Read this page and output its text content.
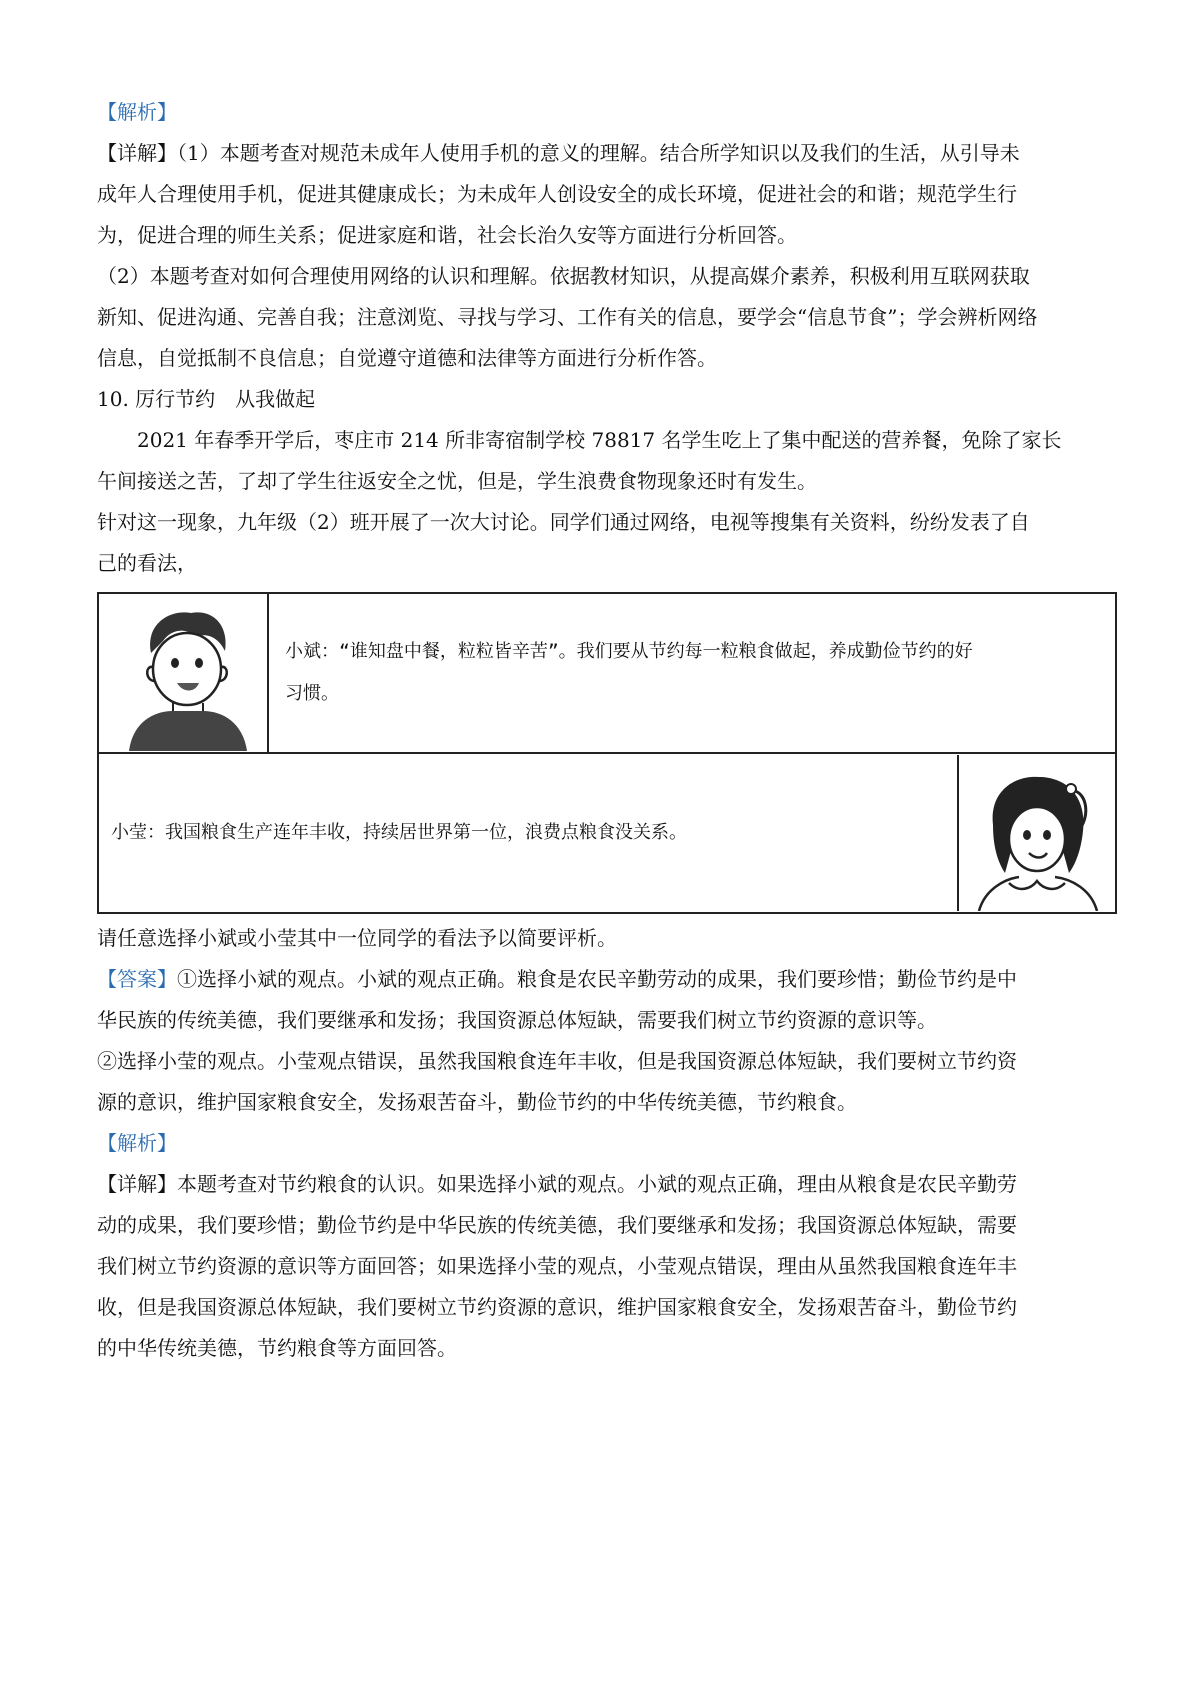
【解析】
【详解】（1）本题考查对规范未成年人使用手机的意义的理解。结合所学知识以及我们的生活，从引导未
成年人合理使用手机，促进其健康成长；为未成年人创设安全的成长环境，促进社会的和谐；规范学生行
为，促进合理的师生关系；促进家庭和谐，社会长治久安等方面进行分析回答。
（2）本题考查对如何合理使用网络的认识和理解。依据教材知识，从提高媒介素养，积极利用互联网获取
新知、促进沟通、完善自我；注意浏览、寻找与学习、工作有关的信息，要学会“信息节食”；学会辨析网络
信息，自觉抵制不良信息；自觉遵守道德和法律等方面进行分析作答。
10. 厉行节约　从我做起
2021 年春季开学后，枣庄市 214 所非寄宿制学校 78817 名学生吃上了集中配送的营养餐，免除了家长
午间接送之苦，了却了学生往返安全之忧，但是，学生浪费食物现象还时有发生。
针对这一现象，九年级（2）班开展了一次大讨论。同学们通过网络，电视等搜集有关资料，纷纷发表了自
己的看法，

小斌：“谁知盘中餐，粒粒皆辛苦”。我们要从节约每一粒粮食做起，养成勤俭节约的好
习惯。

小莹：我国粮食生产连年丰收，持续居世界第一位，浪费点粮食没关系。
请任意选择小斌或小莹其中一位同学的看法予以简要评析。
【答案】①选择小斌的观点。小斌的观点正确。粮食是农民辛勤劳动的成果，我们要珍惜；勤俭节约是中
华民族的传统美德，我们要继承和发扬；我国资源总体短缺，需要我们树立节约资源的意识等。
②选择小莹的观点。小莹观点错误，虽然我国粮食连年丰收，但是我国资源总体短缺，我们要树立节约资
源的意识，维护国家粮食安全，发扬艰苦奋斗，勤俭节约的中华传统美德，节约粮食。
【解析】
【详解】本题考查对节约粮食的认识。如果选择小斌的观点。小斌的观点正确，理由从粮食是农民辛勤劳
动的成果，我们要珍惜；勤俭节约是中华民族的传统美德，我们要继承和发扬；我国资源总体短缺，需要
我们树立节约资源的意识等方面回答；如果选择小莹的观点，小莹观点错误，理由从虽然我国粮食连年丰
收，但是我国资源总体短缺，我们要树立节约资源的意识，维护国家粮食安全，发扬艰苦奋斗，勤俭节约
的中华传统美德，节约粮食等方面回答。
